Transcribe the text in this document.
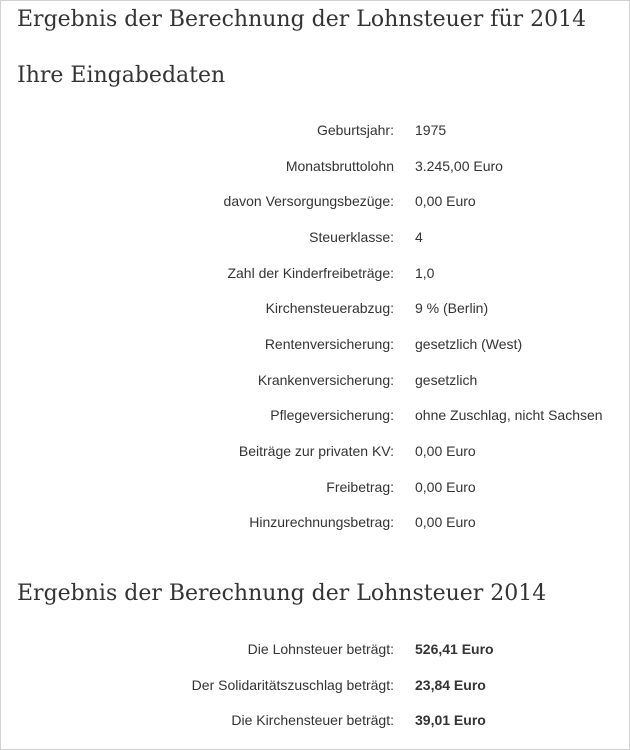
Ergebnis der Berechnung der Lohnsteuer für 2014
Ihre Eingabedaten
Geburtsjahr: 1975
Monatsbruttolohn 3.245,00 Euro
davon Versorgungsbezüge: 0,00 Euro
Steuerklasse: 4
Zahl der Kinderfreibeträge: 1,0
Kirchensteuerabzug: 9 % (Berlin)
Rentenversicherung: gesetzlich (West)
Krankenversicherung: gesetzlich
Pflegeversicherung: ohne Zuschlag, nicht Sachsen
Beiträge zur privaten KV: 0,00 Euro
Freibetrag: 0,00 Euro
Hinzurechnungsbetrag: 0,00 Euro
Ergebnis der Berechnung der Lohnsteuer 2014
Die Lohnsteuer beträgt: 526,41 Euro
Der Solidaritätszuschlag beträgt: 23,84 Euro
Die Kirchensteuer beträgt: 39,01 Euro
